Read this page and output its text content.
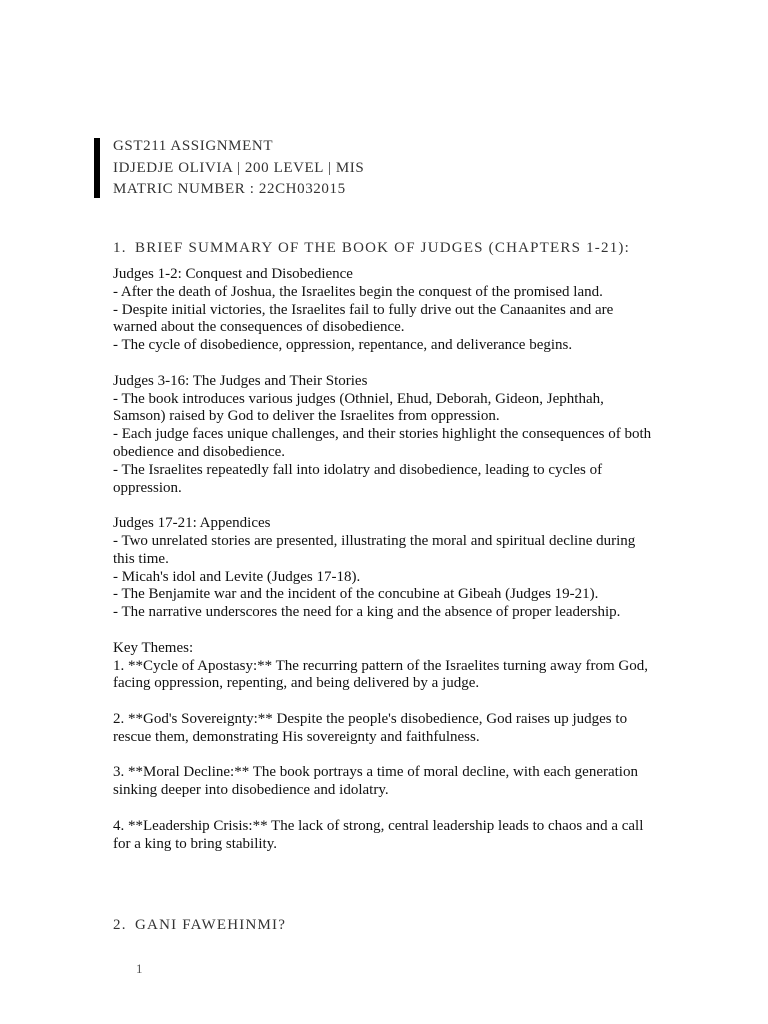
GST211 ASSIGNMENT
IDJEDJE OLIVIA | 200 LEVEL | MIS
MATRIC NUMBER : 22CH032015
1. BRIEF SUMMARY OF THE BOOK OF JUDGES (CHAPTERS 1-21):

Judges 1-2: Conquest and Disobedience

- After the death of Joshua, the Israelites begin the conquest of the promised land.

- Despite initial victories, the Israelites fail to fully drive out the Canaanites and are warned about the consequences of disobedience.

- The cycle of disobedience, oppression, repentance, and deliverance begins.

Judges 3-16: The Judges and Their Stories

- The book introduces various judges (Othniel, Ehud, Deborah, Gideon, Jephthah, Samson) raised by God to deliver the Israelites from oppression.

- Each judge faces unique challenges, and their stories highlight the consequences of both obedience and disobedience.

- The Israelites repeatedly fall into idolatry and disobedience, leading to cycles of oppression.

Judges 17-21: Appendices

- Two unrelated stories are presented, illustrating the moral and spiritual decline during this time.

- Micah's idol and Levite (Judges 17-18).

- The Benjamite war and the incident of the concubine at Gibeah (Judges 19-21).

- The narrative underscores the need for a king and the absence of proper leadership.

Key Themes:

1. **Cycle of Apostasy:** The recurring pattern of the Israelites turning away from God, facing oppression, repenting, and being delivered by a judge.

2. **God's Sovereignty:** Despite the people's disobedience, God raises up judges to rescue them, demonstrating His sovereignty and faithfulness.

3. **Moral Decline:** The book portrays a time of moral decline, with each generation sinking deeper into disobedience and idolatry.

4. **Leadership Crisis:** The lack of strong, central leadership leads to chaos and a call for a king to bring stability.

2. GANI FAWEHINMI?
1
